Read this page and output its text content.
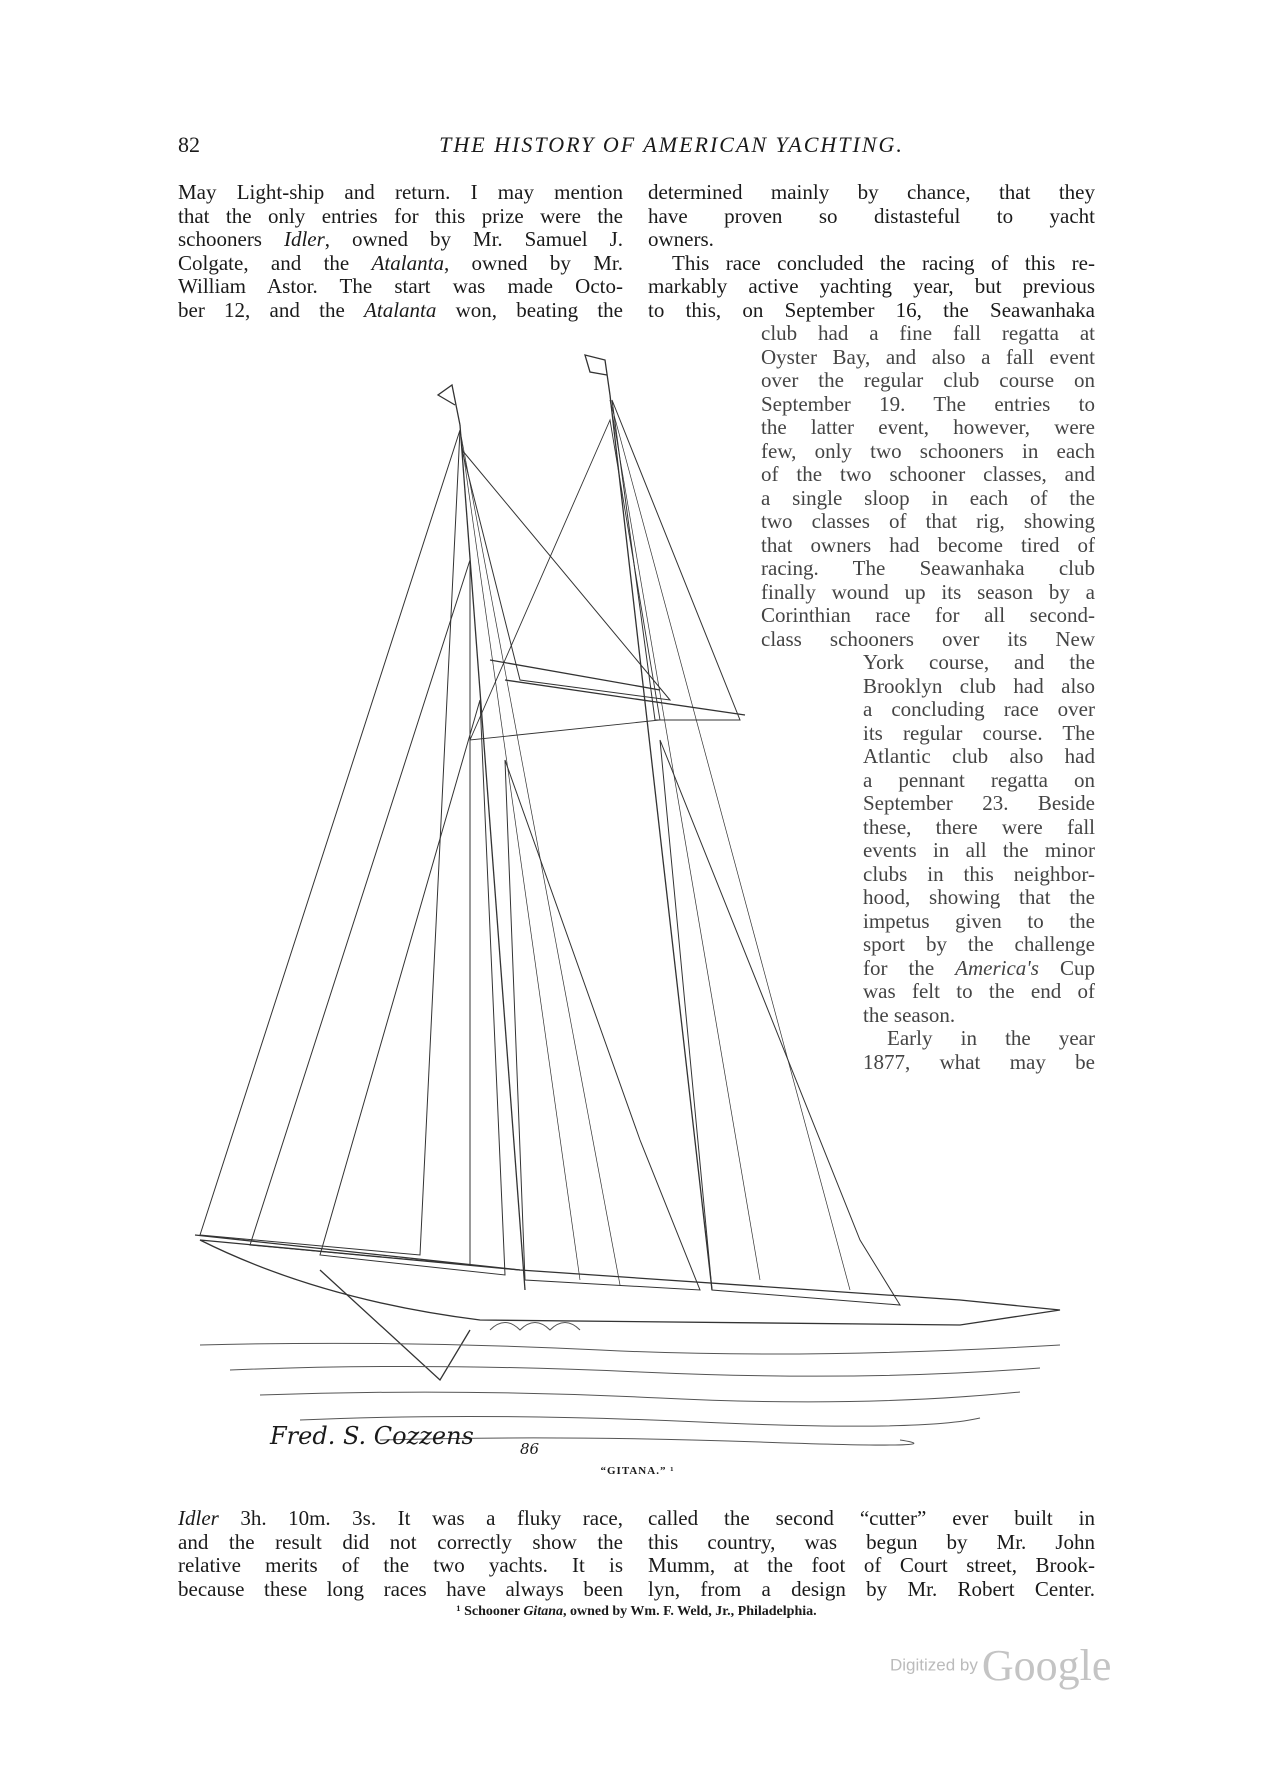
82	THE HISTORY OF AMERICAN YACHTING.
May Light-ship and return. I may mention
that the only entries for this prize were the
schooners Idler, owned by Mr. Samuel J.
Colgate, and the Atalanta, owned by Mr.
William Astor. The start was made Octo-
ber 12, and the Atalanta won, beating the
determined mainly by chance, that they
have proven so distasteful to yacht
owners.
This race concluded the racing of this re-
markably active yachting year, but previous
to this, on September 16, the Seawanhaka
club had a fine fall regatta at
Oyster Bay, and also a fall event
over the regular club course on
September 19. The entries to
the latter event, however, were
few, only two schooners in each
of the two schooner classes, and
a single sloop in each of the
two classes of that rig, showing
that owners had become tired of
racing. The Seawanhaka club
finally wound up its season by a
Corinthian race for all second-
class schooners over its New
York course, and the
Brooklyn club had also
a concluding race over
its regular course. The
Atlantic club also had
a pennant regatta on
September 23. Beside
these, there were fall
events in all the minor
clubs in this neighbor-
hood, showing that the
impetus given to the
sport by the challenge
for the America's Cup
was felt to the end of
the season.
Early in the year
1877, what may be
Fred. S. Cozzens	86
“GITANA.” ¹
Idler 3h. 10m. 3s. It was a fluky race,
and the result did not correctly show the
relative merits of the two yachts. It is
because these long races have always been
called the second “cutter” ever built in
this country, was begun by Mr. John
Mumm, at the foot of Court street, Brook-
lyn, from a design by Mr. Robert Center.
¹ Schooner Gitana, owned by Wm. F. Weld, Jr., Philadelphia.
Digitized by Google
